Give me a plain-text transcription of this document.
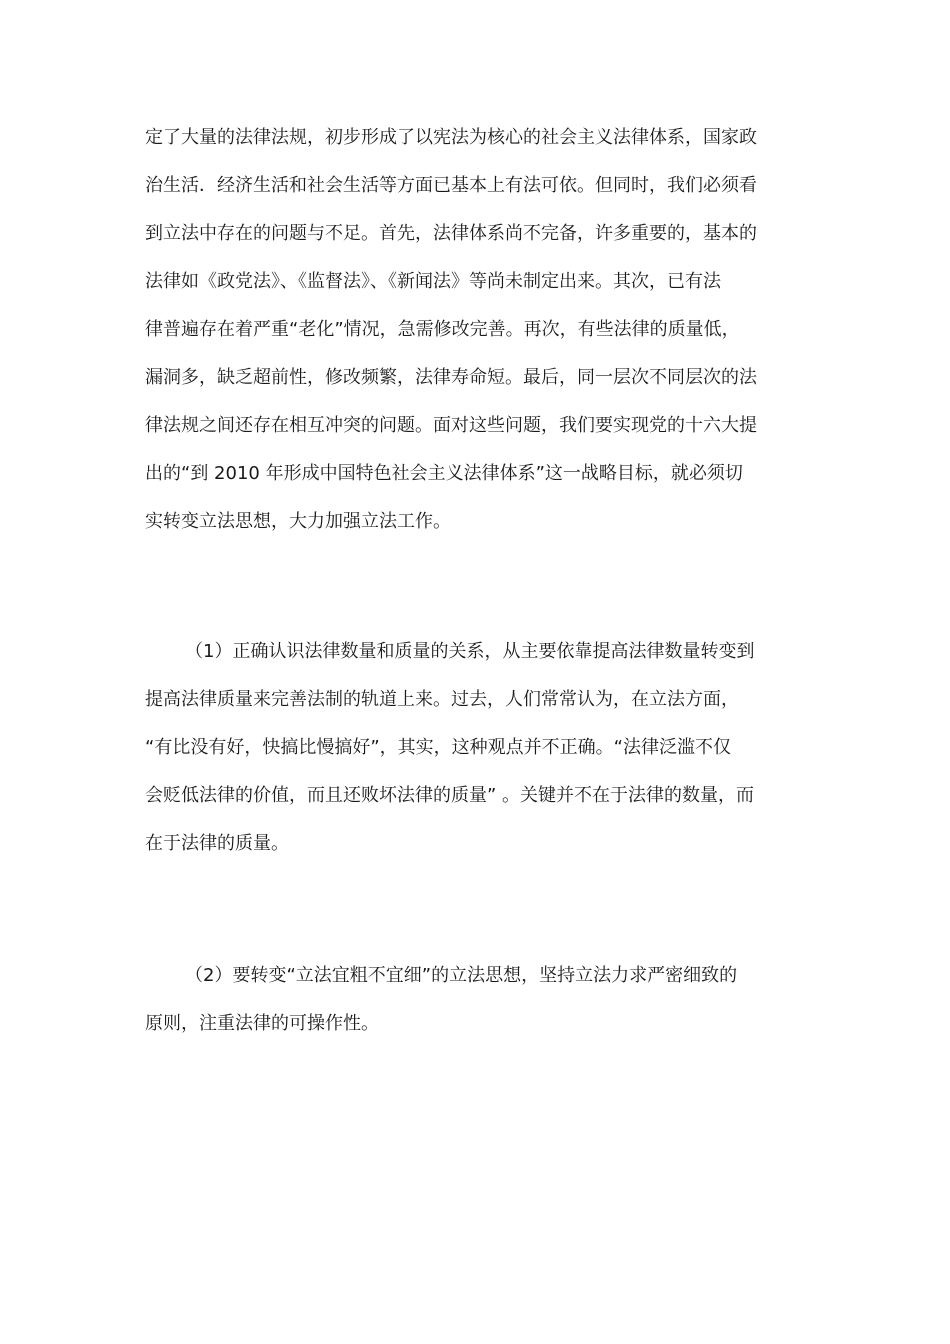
定了大量的法律法规，初步形成了以宪法为核心的社会主义法律体系，国家政
治生活．经济生活和社会生活等方面已基本上有法可依。但同时，我们必须看
到立法中存在的问题与不足。首先，法律体系尚不完备，许多重要的，基本的
法律如《政党法》、《监督法》、《新闻法》等尚未制定出来。其次，已有法
律普遍存在着严重“老化”情况，急需修改完善。再次，有些法律的质量低，
漏洞多，缺乏超前性，修改频繁，法律寿命短。最后，同一层次不同层次的法
律法规之间还存在相互冲突的问题。面对这些问题，我们要实现党的十六大提
出的“到 2010 年形成中国特色社会主义法律体系”这一战略目标，就必须切
实转变立法思想，大力加强立法工作。
（1）正确认识法律数量和质量的关系，从主要依靠提高法律数量转变到
提高法律质量来完善法制的轨道上来。过去，人们常常认为，在立法方面，
“有比没有好，快搞比慢搞好”，其实，这种观点并不正确。“法律泛滥不仅
会贬低法律的价值，而且还败坏法律的质量” 。关键并不在于法律的数量，而
在于法律的质量。
（2）要转变“立法宜粗不宜细”的立法思想，坚持立法力求严密细致的
原则，注重法律的可操作性。
